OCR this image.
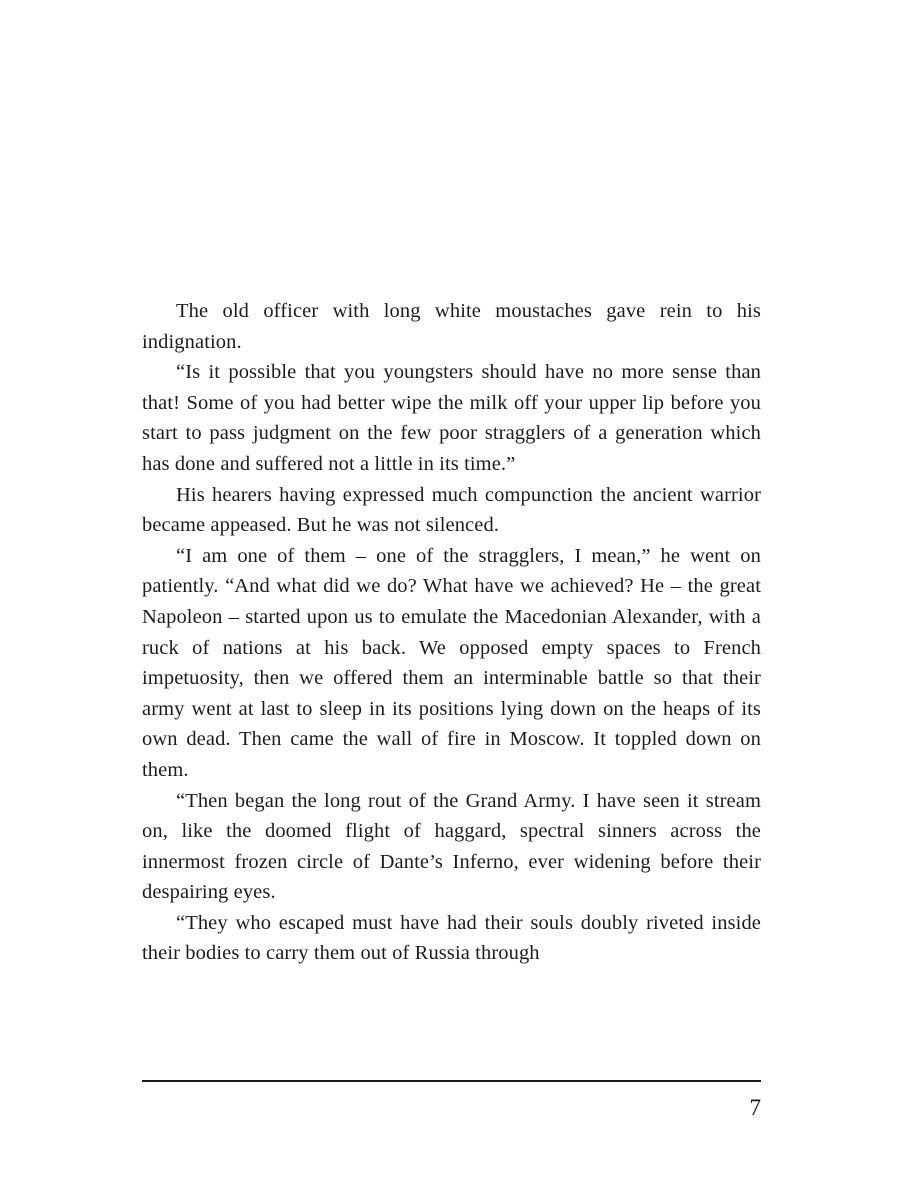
The old officer with long white moustaches gave rein to his indignation.

“Is it possible that you youngsters should have no more sense than that! Some of you had better wipe the milk off your upper lip before you start to pass judgment on the few poor stragglers of a generation which has done and suffered not a little in its time.”

His hearers having expressed much compunction the ancient warrior became appeased. But he was not silenced.

“I am one of them – one of the stragglers, I mean,” he went on patiently. “And what did we do? What have we achieved? He – the great Napoleon – started upon us to emulate the Macedonian Alexander, with a ruck of nations at his back. We opposed empty spaces to French impetuosity, then we offered them an interminable battle so that their army went at last to sleep in its positions lying down on the heaps of its own dead. Then came the wall of fire in Moscow. It toppled down on them.

“Then began the long rout of the Grand Army. I have seen it stream on, like the doomed flight of haggard, spectral sinners across the innermost frozen circle of Dante’s Inferno, ever widening before their despairing eyes.

“They who escaped must have had their souls doubly riveted inside their bodies to carry them out of Russia through

7
